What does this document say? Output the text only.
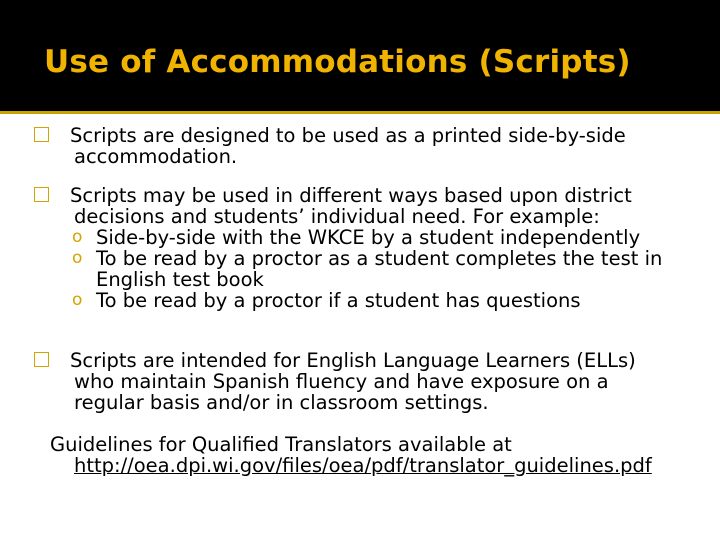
Use of Accommodations (Scripts)
Scripts are designed to be used as a printed side-by-side
accommodation.
Scripts may be used in different ways based upon district
decisions and students’ individual need. For example:
o Side-by-side with the WKCE by a student independently
o To be read by a proctor as a student completes the test in
English test book
o To be read by a proctor if a student has questions
Scripts are intended for English Language Learners (ELLs)
who maintain Spanish fluency and have exposure on a
regular basis and/or in classroom settings.
Guidelines for Qualified Translators available at
http://oea.dpi.wi.gov/files/oea/pdf/translator_guidelines.pdf
